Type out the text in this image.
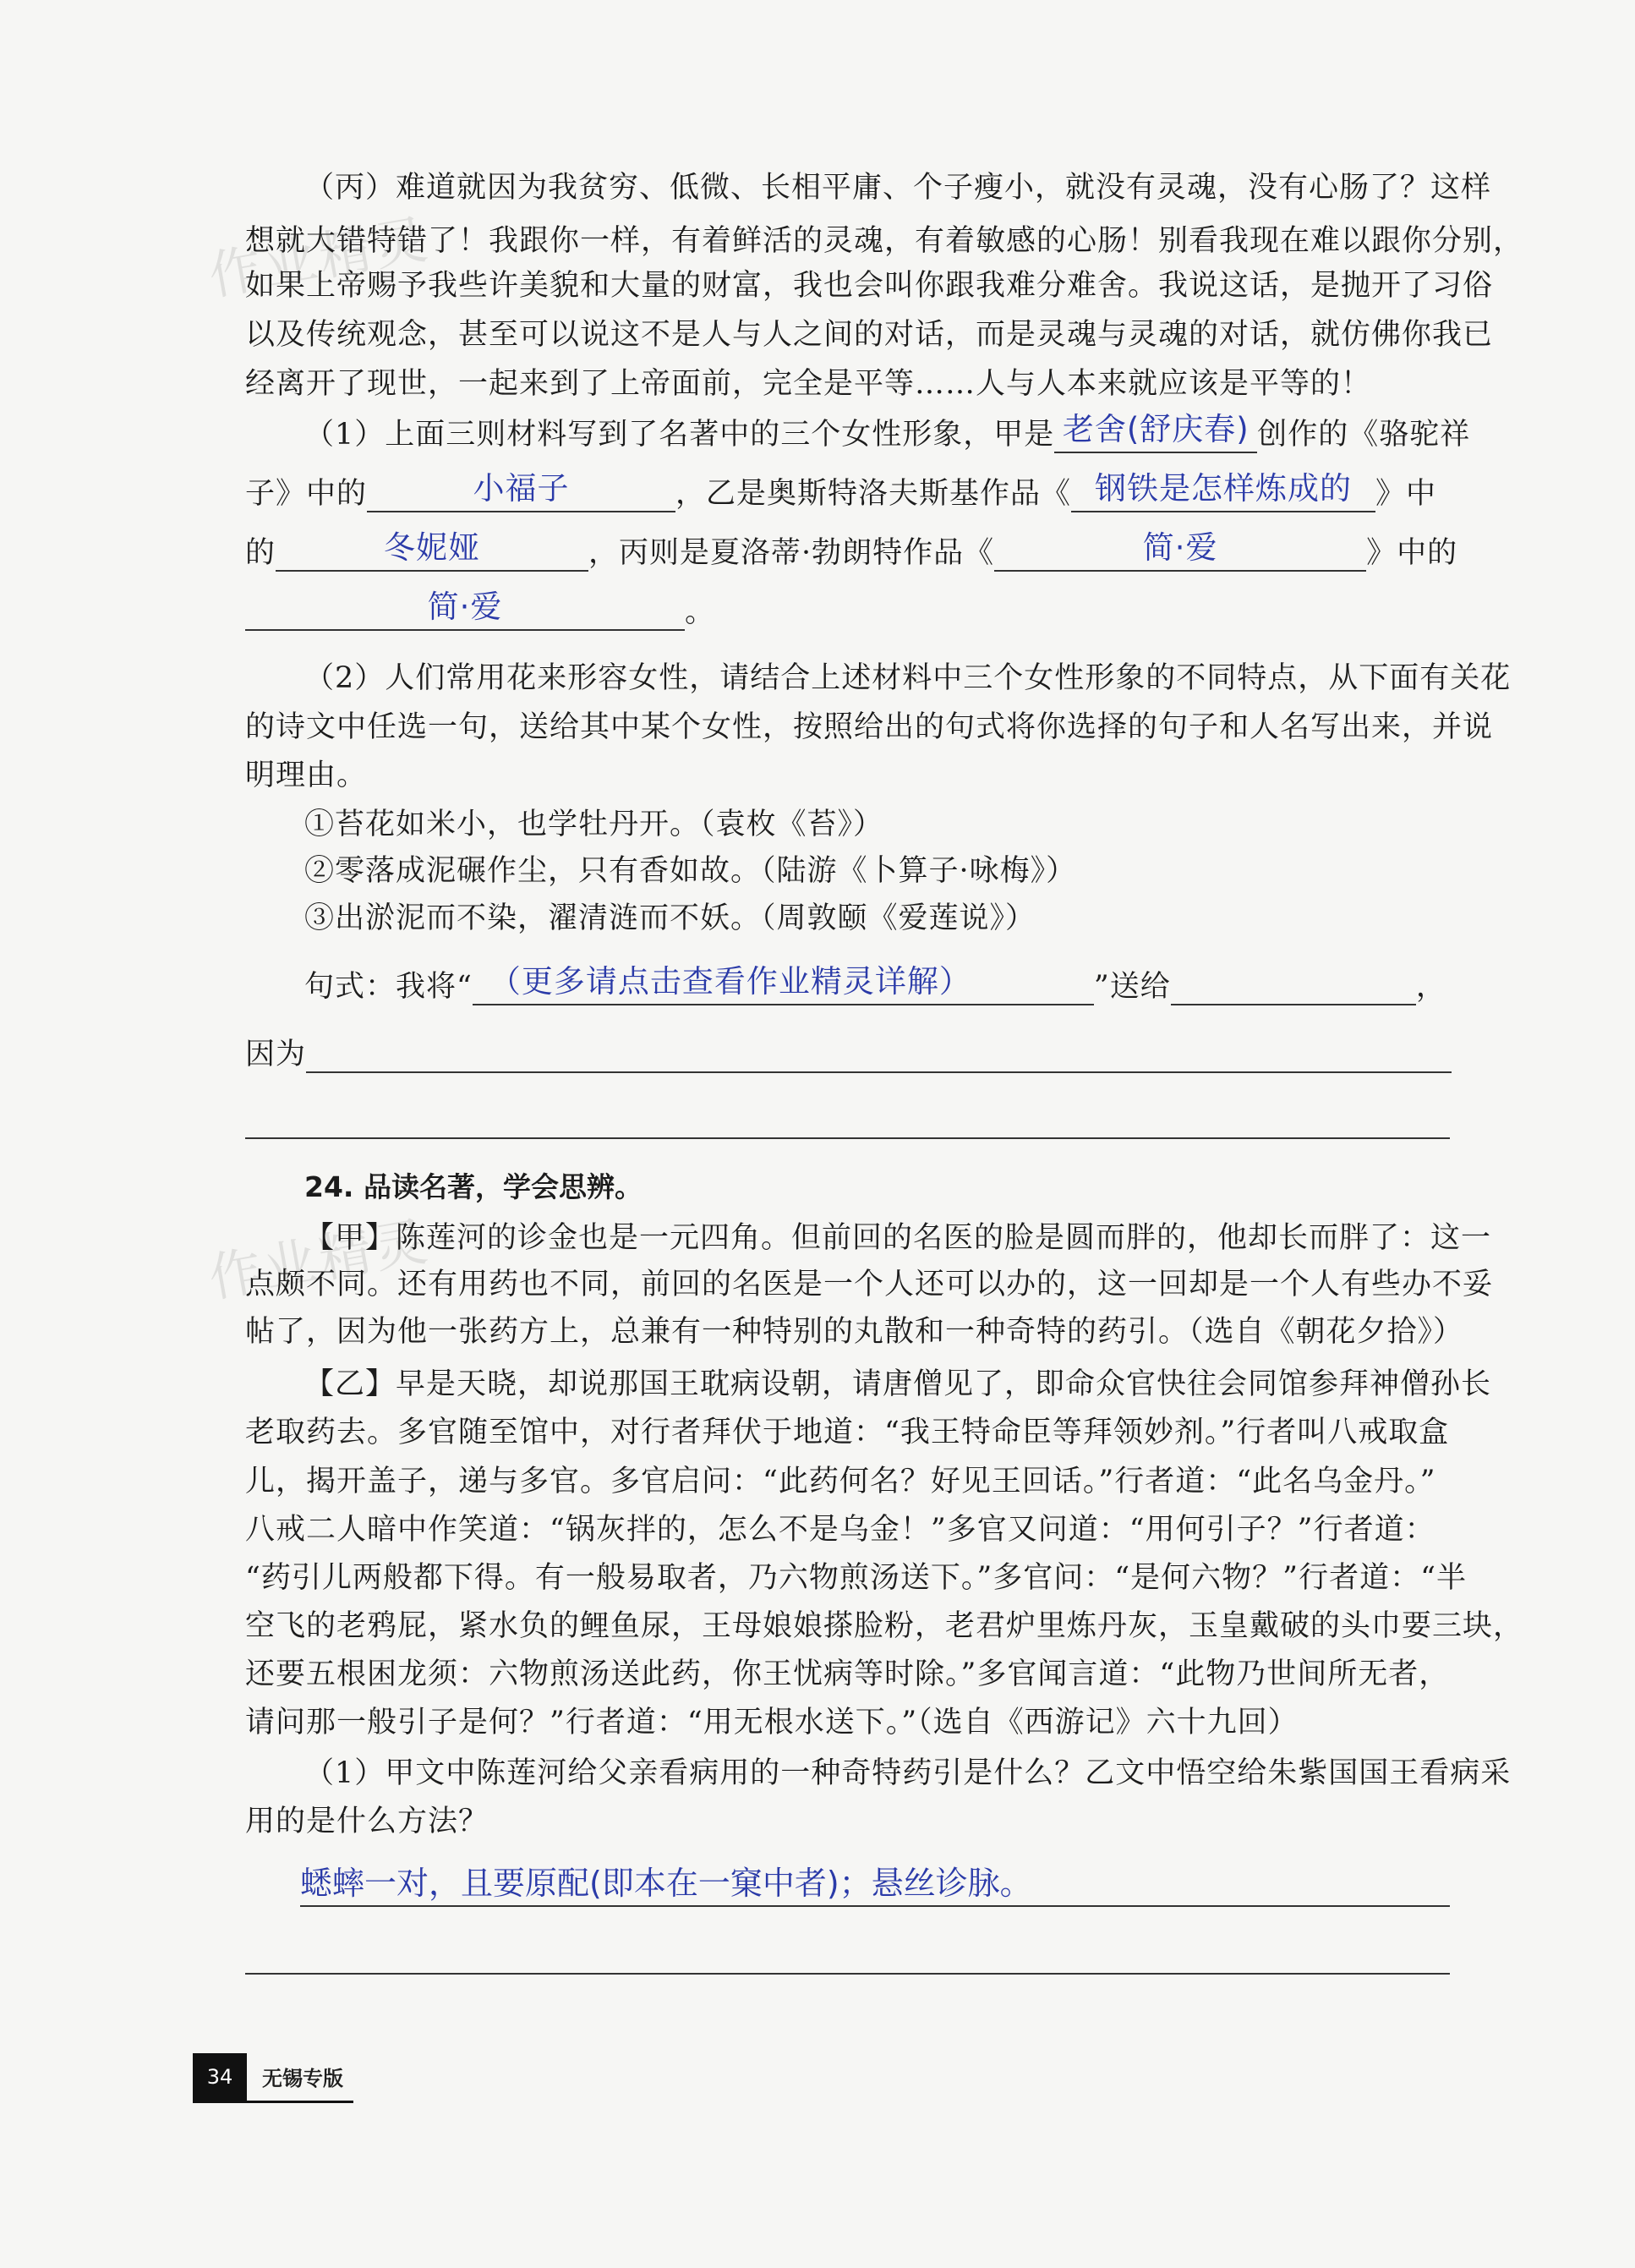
作业精灵
作业精灵
（丙）难道就因为我贫穷、低微、长相平庸、个子瘦小，就没有灵魂，没有心肠了？这样
想就大错特错了！我跟你一样，有着鲜活的灵魂，有着敏感的心肠！别看我现在难以跟你分别，
如果上帝赐予我些许美貌和大量的财富，我也会叫你跟我难分难舍。我说这话，是抛开了习俗
以及传统观念，甚至可以说这不是人与人之间的对话，而是灵魂与灵魂的对话，就仿佛你我已
经离开了现世，一起来到了上帝面前，完全是平等……人与人本来就应该是平等的！
（1）上面三则材料写到了名著中的三个女性形象，甲是 老舍(舒庆春) 创作的《骆驼祥
子》中的	小福子	，乙是奥斯特洛夫斯基作品《 钢铁是怎样炼成的 》中
的	冬妮娅	，丙则是夏洛蒂·勃朗特作品《	简·爱	》中的
简·爱	。
（2）人们常用花来形容女性，请结合上述材料中三个女性形象的不同特点，从下面有关花
的诗文中任选一句，送给其中某个女性，按照给出的句式将你选择的句子和人名写出来，并说
明理由。
①苔花如米小，也学牡丹开。（袁枚《苔》）
②零落成泥碾作尘，只有香如故。（陆游《卜算子·咏梅》）
③出淤泥而不染，濯清涟而不妖。（周敦颐《爱莲说》）
句式：我将“ （更多请点击查看作业精灵详解）	”送给	，
因为
24. 品读名著，学会思辨。
【甲】陈莲河的诊金也是一元四角。但前回的名医的脸是圆而胖的，他却长而胖了：这一
点颇不同。还有用药也不同，前回的名医是一个人还可以办的，这一回却是一个人有些办不妥
帖了，因为他一张药方上，总兼有一种特别的丸散和一种奇特的药引。（选自《朝花夕拾》）
【乙】早是天晓，却说那国王耽病设朝，请唐僧见了，即命众官快往会同馆参拜神僧孙长
老取药去。多官随至馆中，对行者拜伏于地道：“我王特命臣等拜领妙剂。”行者叫八戒取盒
儿，揭开盖子，递与多官。多官启问：“此药何名？好见王回话。”行者道：“此名乌金丹。”
八戒二人暗中作笑道：“锅灰拌的，怎么不是乌金！”多官又问道：“用何引子？”行者道：
“药引儿两般都下得。有一般易取者，乃六物煎汤送下。”多官问：“是何六物？”行者道：“半
空飞的老鸦屁，紧水负的鲤鱼尿，王母娘娘搽脸粉，老君炉里炼丹灰，玉皇戴破的头巾要三块，
还要五根困龙须：六物煎汤送此药，你王忧病等时除。”多官闻言道：“此物乃世间所无者，
请问那一般引子是何？”行者道：“用无根水送下。”（选自《西游记》六十九回）
（1）甲文中陈莲河给父亲看病用的一种奇特药引是什么？乙文中悟空给朱紫国国王看病采
用的是什么方法？
蟋蟀一对，且要原配(即本在一窠中者)；悬丝诊脉。
34	无锡专版
